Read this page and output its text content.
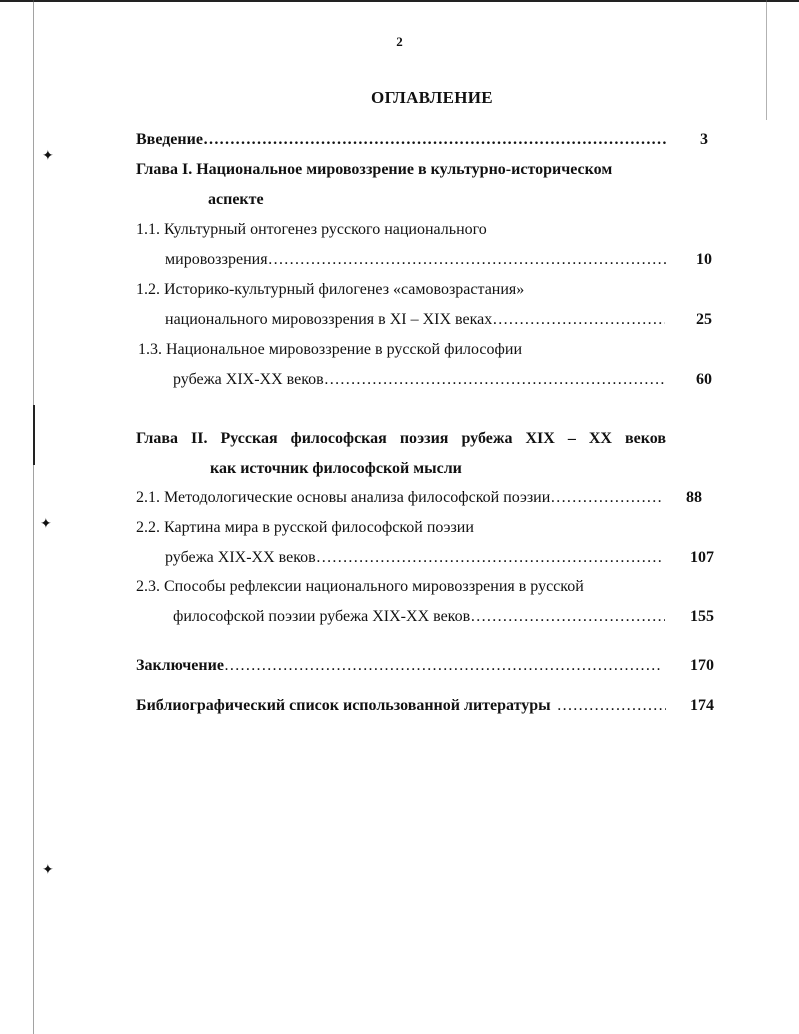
✦
✦
✦
2
ОГЛАВЛЕНИЕ
Введение …………………………………………………………………………………………………………………………………………………………………………	3
Глава I. Национальное мировоззрение в культурно-историческом
аспекте
1.1. Культурный онтогенез русского национального
мировоззрения …………………………………………………………………………………………………………………………………………………………………………	10
1.2. Историко-культурный филогенез «самовозрастания»
национального мировоззрения в XI – XIX веках …………………………………………………………………………………………………………………………………………………………………………	25
1.3. Национальное мировоззрение в русской философии
рубежа XIX-XX веков …………………………………………………………………………………………………………………………………………………………………………	60
Глава II. Русская философская поэзия рубежа XIX – XX веков
как источник философской мысли
2.1. Методологические основы анализа философской поэзии …………………………………………………………………………………………………………………………………………………………………………	88
2.2. Картина мира в русской философской поэзии
рубежа XIX-XX веков …………………………………………………………………………………………………………………………………………………………………………	107
2.3. Способы рефлексии национального мировоззрения в русской
философской поэзии рубежа XIX-XX веков …………………………………………………………………………………………………………………………………………………………………………	155
Заключение …………………………………………………………………………………………………………………………………………………………………………	170
Библиографический список использованной литературы …………………………………………………………………………………………………………………………………………………………………………	174
